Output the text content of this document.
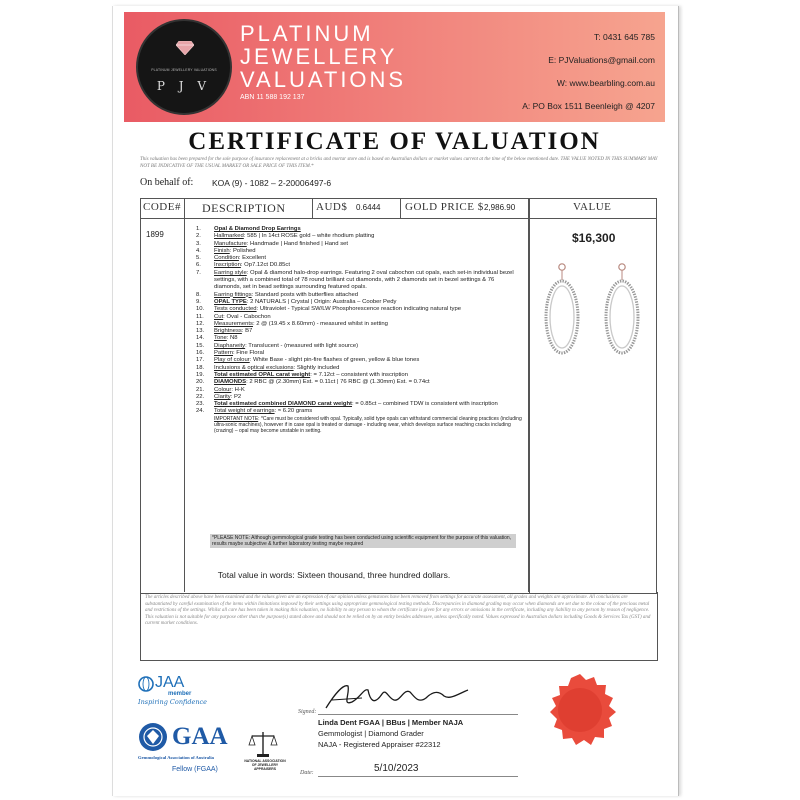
PLATINUM JEWELLERY VALUATIONS
P J V
PLATINUM
JEWELLERY
VALUATIONS
ABN 11 588 192 137
T: 0431 645 785
E: PJValuations@gmail.com
W: www.bearbling.com.au
A: PO Box 1511 Beenleigh @ 4207
CERTIFICATE OF VALUATION
This valuation has been prepared for the sole purpose of insurance replacement at a bricks and mortar store and is based on Australian dollars or market values current at the time of the below mentioned date. THE VALUE NOTED IN THIS SUMMARY MAY NOT BE INDICATIVE OF THE USUAL MARKET OR SALE PRICE OF THIS ITEM.*
On behalf of: KOA (9) - 1082 – 2-20006497-6
CODE# DESCRIPTION	AUD$ 0.6444 GOLD PRICE $ 2,986.90	VALUE
1899	$16,300
1.	Opal & Diamond Drop Earrings
2.	Hallmarked: 585 | In 14ct ROSE gold – white rhodium platting
3.	Manufacture: Handmade | Hand finished | Hand set
4.	Finish: Polished
5.	Condition: Excellent
6.	Inscription: Op7.12ct D0.85ct
7.	Earring style: Opal & diamond halo-drop earrings. Featuring 2 oval cabochon cut opals, each set-in individual bezel settings, with a combined total of 78 round brilliant cut diamonds, with 2 diamonds set in bezel settings & 76 diamonds, set in bead settings surrounding featured opals.
8.	Earring fittings: Standard posts with butterflies attached
9.	OPAL TYPE: 2 NATURALS | Crystal | Origin: Australia – Coober Pedy
10.	Tests conducted: Ultraviolet - Typical SW/LW Phosphorescence reaction indicating natural type
11.	Cut: Oval - Cabochon
12.	Measurements: 2 @ (19.45 x 8.60mm) - measured whilst in setting
13.	Brightness: B7
14.	Tone: N8
15.	Diaphaneity: Translucent - (measured with light source)
16.	Pattern: Fine Floral
17.	Play of colour: White Base - slight pin-fire flashes of green, yellow & blue tones
18.	Inclusions & optical exclusions: Slightly included
19.	Total estimated OPAL carat weight: = 7.12ct – consistent with inscription
20.	DIAMONDS: 2 RBC @ (2.30mm) Est. = 0.11ct | 76 RBC @ (1.30mm) Est. = 0.74ct
21.	Colour: H-K
22.	Clarity: P2
23.	Total estimated combined DIAMOND carat weight: = 0.85ct – combined TDW is consistent with inscription
24.	Total weight of earrings: ≈ 6.20 grams
IMPORTANT NOTE: *Care must be considered with opal. Typically, solid type opals can withstand commercial cleaning practices (including ultra-sonic machines), however if in case opal is treated or damage - including wear, which develops surface reaching cracks including (crazing) – opal may become unstable in setting.
*PLEASE NOTE: Although gemmological grade testing has been conducted using scientific equipment for the purpose of this valuation, results maybe subjective & further laboratory testing maybe required
Total value in words: Sixteen thousand, three hundred dollars.
The articles described above have been examined and the values given are an expression of our opinion unless gemstones have been removed from settings for accurate assessment, all grades and weights are approximate. All conclusions are substantiated by careful examination of the items within limitations imposed by their settings using appropriate gemmological testing methods. Discrepancies in diamond grading may occur when diamonds are set due to the colour of the precious metal and restrictions of the settings. Whilst all care has been taken in making this valuation, no liability to any person to whom the certificate is given for any errors or omissions in the certificate, including any liability to any person by reason of negligence. This valuation is not suitable for any purpose other than the purpose(s) stated above and should not be relied on by an entity besides addressee, unless specifically noted. Values expressed in Australian dollars including Goods & Services Tax (GST) and current market conditions.
JAA
member
Inspiring Confidence
GAA
Gemmological Association of Australia
Fellow (FGAA)
NATIONAL ASSOCIATION OF JEWELLERY APPRAISERS
Signed:
Linda Dent FGAA | BBus | Member NAJA
Gemmologist | Diamond Grader
NAJA - Registered Appraiser #22312
Date:	5/10/2023
